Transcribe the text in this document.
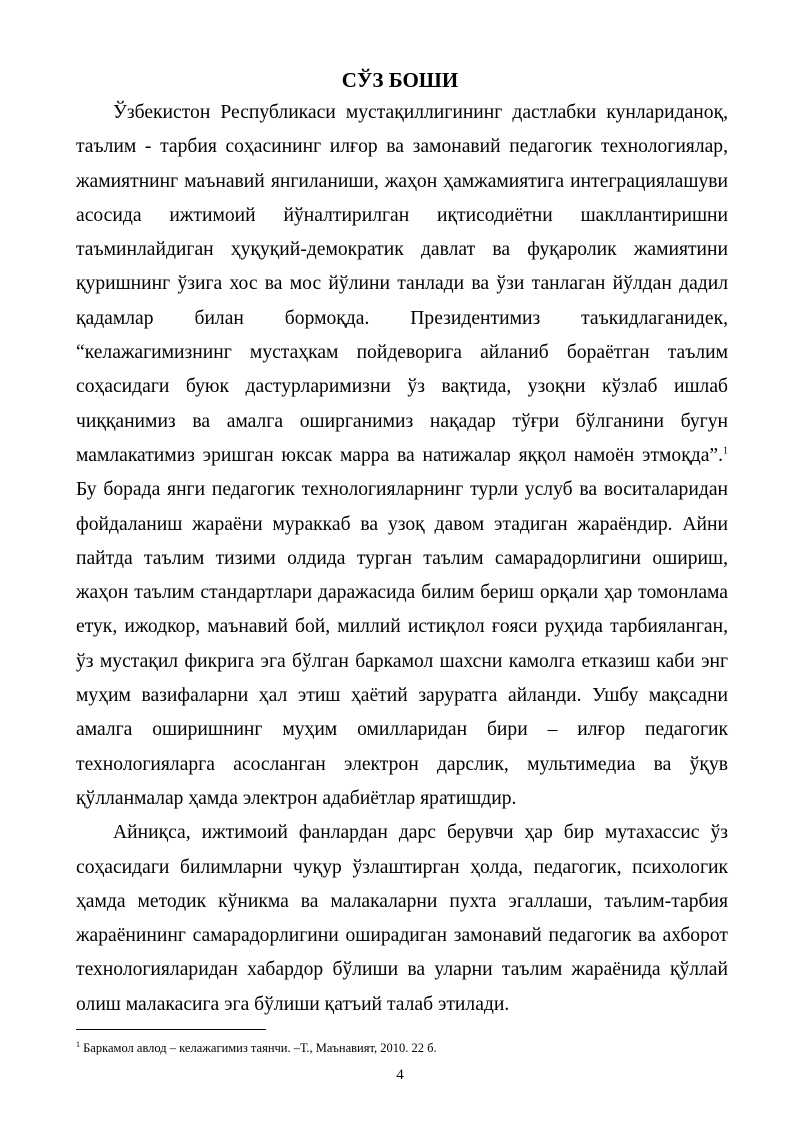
СЎЗ БОШИ

Ўзбекистон Республикаси мустақиллигининг дастлабки кунлариданоқ, таълим - тарбия соҳасининг илғор ва замонавий педагогик технологиялар, жамиятнинг маънавий янгиланиши, жаҳон ҳамжамиятига интеграциялашуви асосида ижтимоий йўналтирилган иқтисодиётни шакллантиришни таъминлайдиган ҳуқуқий-демократик давлат ва фуқаролик жамиятини қуришнинг ўзига хос ва мос йўлини танлади ва ўзи танлаган йўлдан дадил қадамлар билан бормоқда. Президентимиз таъкидлаганидек, “келажагимизнинг мустаҳкам пойдеворига айланиб бораётган таълим соҳасидаги буюк дастурларимизни ўз вақтида, узоқни кўзлаб ишлаб чиққанимиз ва амалга оширганимиз нақадар тўғри бўлганини бугун мамлакатимиз эришган юксак марра ва натижалар яққол намоён этмоқда”.$^1$ Бу борада янги педагогик технологияларнинг турли услуб ва воситаларидан фойдаланиш жараёни мураккаб ва узоқ давом этадиган жараёндир. Айни пайтда таълим тизими олдида турган таълим самарадорлигини ошириш, жаҳон таълим стандартлари даражасида билим бериш орқали ҳар томонлама етук, ижодкор, маънавий бой, миллий истиқлол ғояси руҳида тарбияланган, ўз мустақил фикрига эга бўлган баркамол шахсни камолга етказиш каби энг муҳим вазифаларни ҳал этиш ҳаётий заруратга айланди. Ушбу мақсадни амалга оширишнинг муҳим омилларидан бири – илғор педагогик технологияларга асосланган электрон дарслик, мультимедиа ва ўқув қўлланмалар ҳамда электрон адабиётлар яратишдир.

Айниқса, ижтимоий фанлардан дарс берувчи ҳар бир мутахассис ўз соҳасидаги билимларни чуқур ўзлаштирган ҳолда, педагогик, психологик ҳамда методик кўникма ва малакаларни пухта эгаллаши, таълим-тарбия жараёнининг самарадорлигини оширадиган замонавий педагогик ва ахборот технологияларидан хабардор бўлиши ва уларни таълим жараёнида қўллай олиш малакасига эга бўлиши қатъий талаб этилади.

$^1$ Баркамол авлод – келажагимиз таянчи. –Т., Маънавият, 2010. 22 б.

4
